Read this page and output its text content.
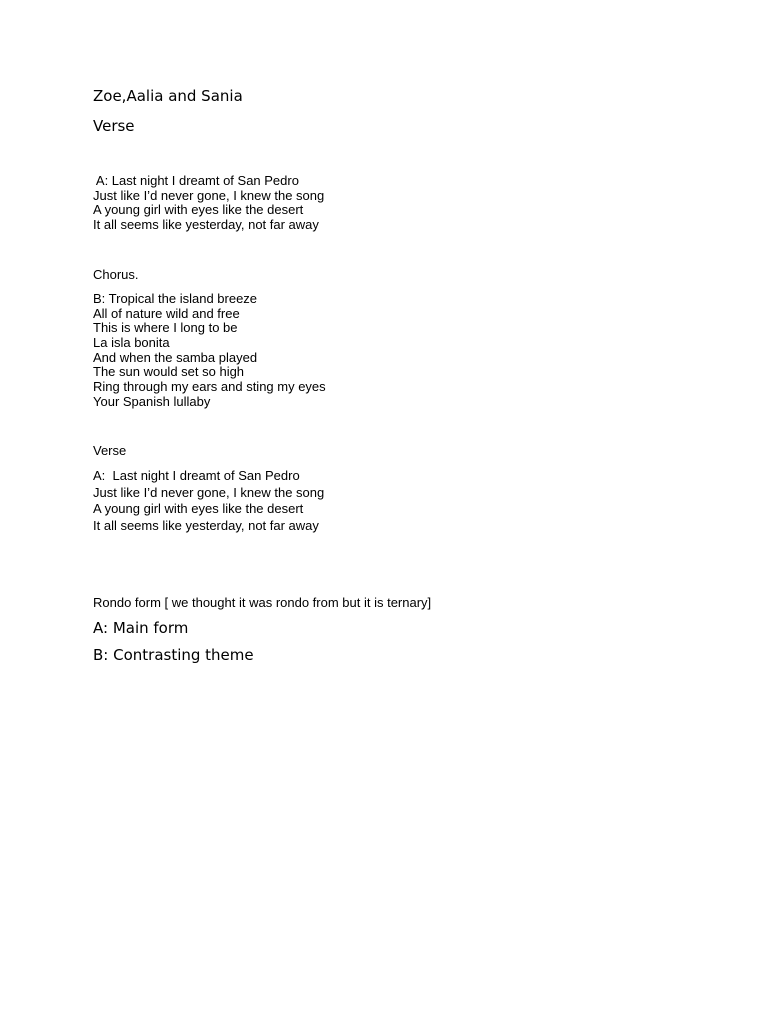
Zoe,Aalia and Sania
Verse
A: Last night I dreamt of San Pedro
Just like I’d never gone, I knew the song
A young girl with eyes like the desert
It all seems like yesterday, not far away
Chorus.
B: Tropical the island breeze
All of nature wild and free
This is where I long to be
La isla bonita
And when the samba played
The sun would set so high
Ring through my ears and sting my eyes
Your Spanish lullaby
Verse
A:  Last night I dreamt of San Pedro
Just like I’d never gone, I knew the song
A young girl with eyes like the desert
It all seems like yesterday, not far away
Rondo form [ we thought it was rondo from but it is ternary]
A: Main form
B: Contrasting theme
